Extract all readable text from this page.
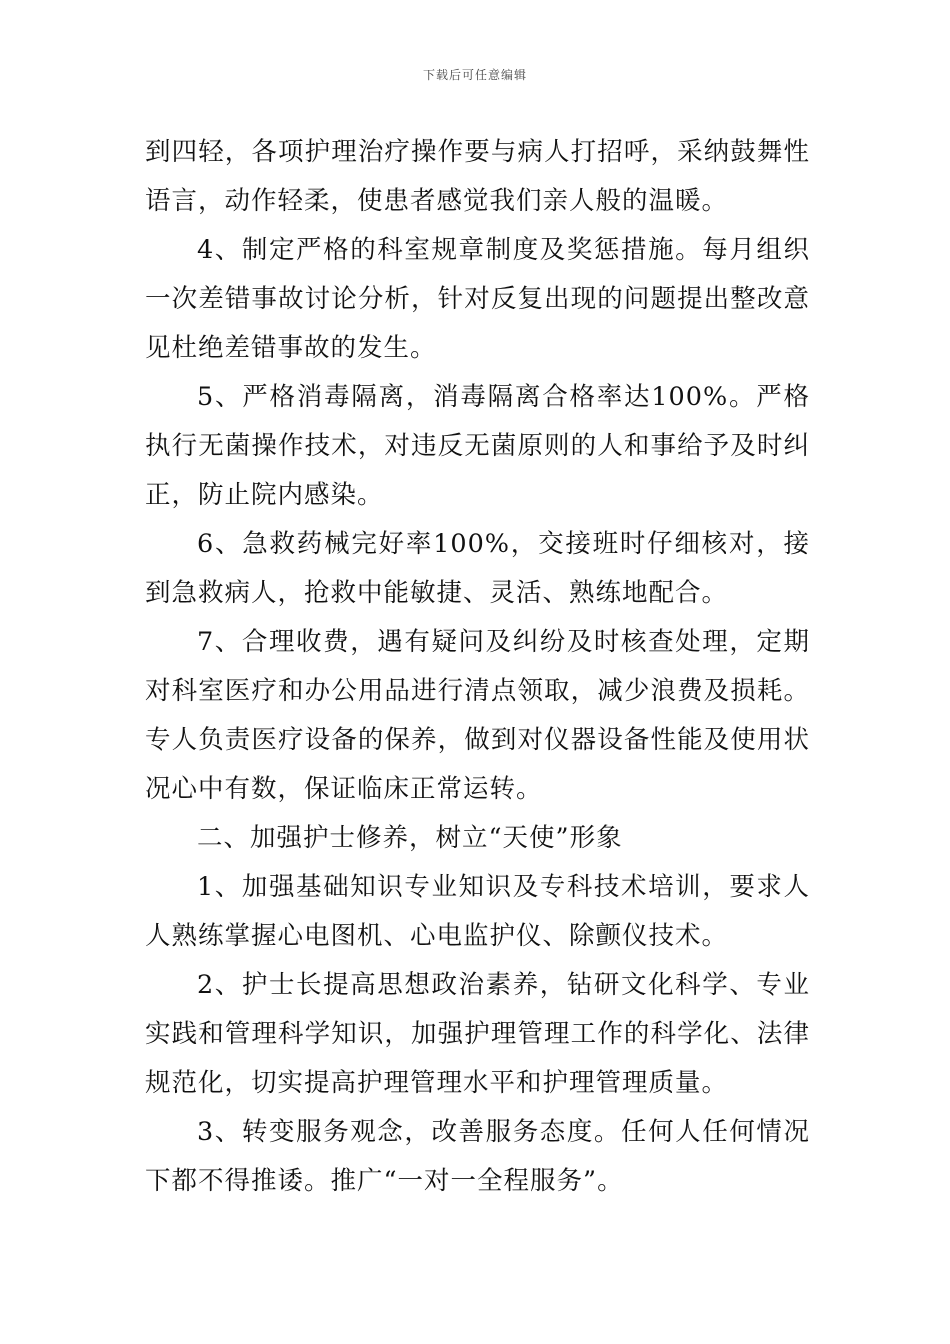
下载后可任意编辑

到四轻，各项护理治疗操作要与病人打招呼，采纳鼓舞性语言，动作轻柔，使患者感觉我们亲人般的温暖。

4、制定严格的科室规章制度及奖惩措施。每月组织一次差错事故讨论分析，针对反复出现的问题提出整改意见杜绝差错事故的发生。

5、严格消毒隔离，消毒隔离合格率达100%。严格执行无菌操作技术，对违反无菌原则的人和事给予及时纠正，防止院内感染。

6、急救药械完好率100%，交接班时仔细核对，接到急救病人，抢救中能敏捷、灵活、熟练地配合。

7、合理收费，遇有疑问及纠纷及时核查处理，定期对科室医疗和办公用品进行清点领取，减少浪费及损耗。专人负责医疗设备的保养，做到对仪器设备性能及使用状况心中有数，保证临床正常运转。

二、加强护士修养，树立“天使”形象

1、加强基础知识专业知识及专科技术培训，要求人人熟练掌握心电图机、心电监护仪、除颤仪技术。

2、护士长提高思想政治素养，钻研文化科学、专业实践和管理科学知识，加强护理管理工作的科学化、法律规范化，切实提高护理管理水平和护理管理质量。

3、转变服务观念，改善服务态度。任何人任何情况下都不得推诿。推广“一对一全程服务”。
